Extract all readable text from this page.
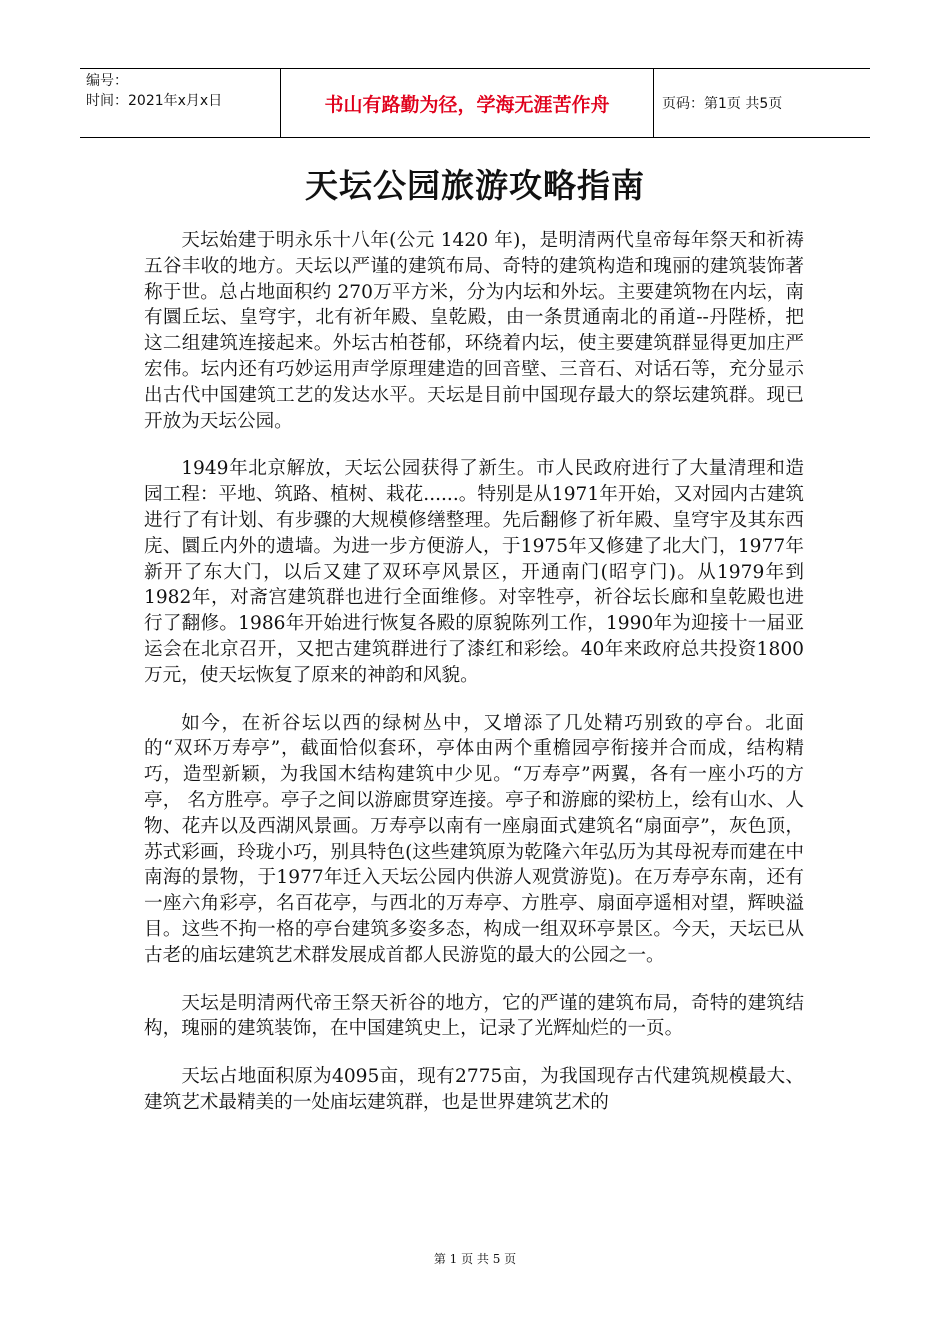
编号：
时间：2021年x月x日	书山有路勤为径，学海无涯苦作舟	页码：第1页 共5页
天坛公园旅游攻略指南

天坛始建于明永乐十八年(公元 1420 年)，是明清两代皇帝每年祭天和祈祷五谷丰收的地方。天坛以严谨的建筑布局、奇特的建筑构造和瑰丽的建筑装饰著称于世。总占地面积约 270万平方米，分为内坛和外坛。主要建筑物在内坛，南有圜丘坛、皇穹宇，北有祈年殿、皇乾殿，由一条贯通南北的甬道--丹陛桥，把这二组建筑连接起来。外坛古柏苍郁，环绕着内坛，使主要建筑群显得更加庄严宏伟。坛内还有巧妙运用声学原理建造的回音壁、三音石、对话石等，充分显示出古代中国建筑工艺的发达水平。天坛是目前中国现存最大的祭坛建筑群。现已开放为天坛公园。

1949年北京解放，天坛公园获得了新生。市人民政府进行了大量清理和造园工程：平地、筑路、植树、栽花......。特别是从1971年开始，又对园内古建筑进行了有计划、有步骤的大规模修缮整理。先后翻修了祈年殿、皇穹宇及其东西庑、圜丘内外的遗墙。为进一步方便游人，于1975年又修建了北大门，1977年新开了东大门，以后又建了双环亭风景区，开通南门(昭亨门)。从1979年到1982年，对斋宫建筑群也进行全面维修。对宰牲亭，祈谷坛长廊和皇乾殿也进行了翻修。1986年开始进行恢复各殿的原貌陈列工作，1990年为迎接十一届亚运会在北京召开，又把古建筑群进行了漆红和彩绘。40年来政府总共投资1800万元，使天坛恢复了原来的神韵和风貌。

如今，在祈谷坛以西的绿树丛中，又增添了几处精巧别致的亭台。北面的“双环万寿亭”，截面恰似套环，亭体由两个重檐园亭衔接并合而成，结构精巧，造型新颖，为我国木结构建筑中少见。“万寿亭”两翼，各有一座小巧的方亭， 名方胜亭。亭子之间以游廊贯穿连接。亭子和游廊的梁枋上，绘有山水、人物、花卉以及西湖风景画。万寿亭以南有一座扇面式建筑名“扇面亭”，灰色顶，苏式彩画，玲珑小巧，别具特色(这些建筑原为乾隆六年弘历为其母祝寿而建在中南海的景物，于1977年迁入天坛公园内供游人观赏游览)。在万寿亭东南，还有一座六角彩亭，名百花亭，与西北的万寿亭、方胜亭、扇面亭遥相对望，辉映溢目。这些不拘一格的亭台建筑多姿多态，构成一组双环亭景区。今天，天坛已从古老的庙坛建筑艺术群发展成首都人民游览的最大的公园之一。

天坛是明清两代帝王祭天祈谷的地方，它的严谨的建筑布局，奇特的建筑结构，瑰丽的建筑装饰，在中国建筑史上，记录了光辉灿烂的一页。

天坛占地面积原为4095亩，现有2775亩，为我国现存古代建筑规模最大、建筑艺术最精美的一处庙坛建筑群，也是世界建筑艺术的

第 1 页 共 5 页
